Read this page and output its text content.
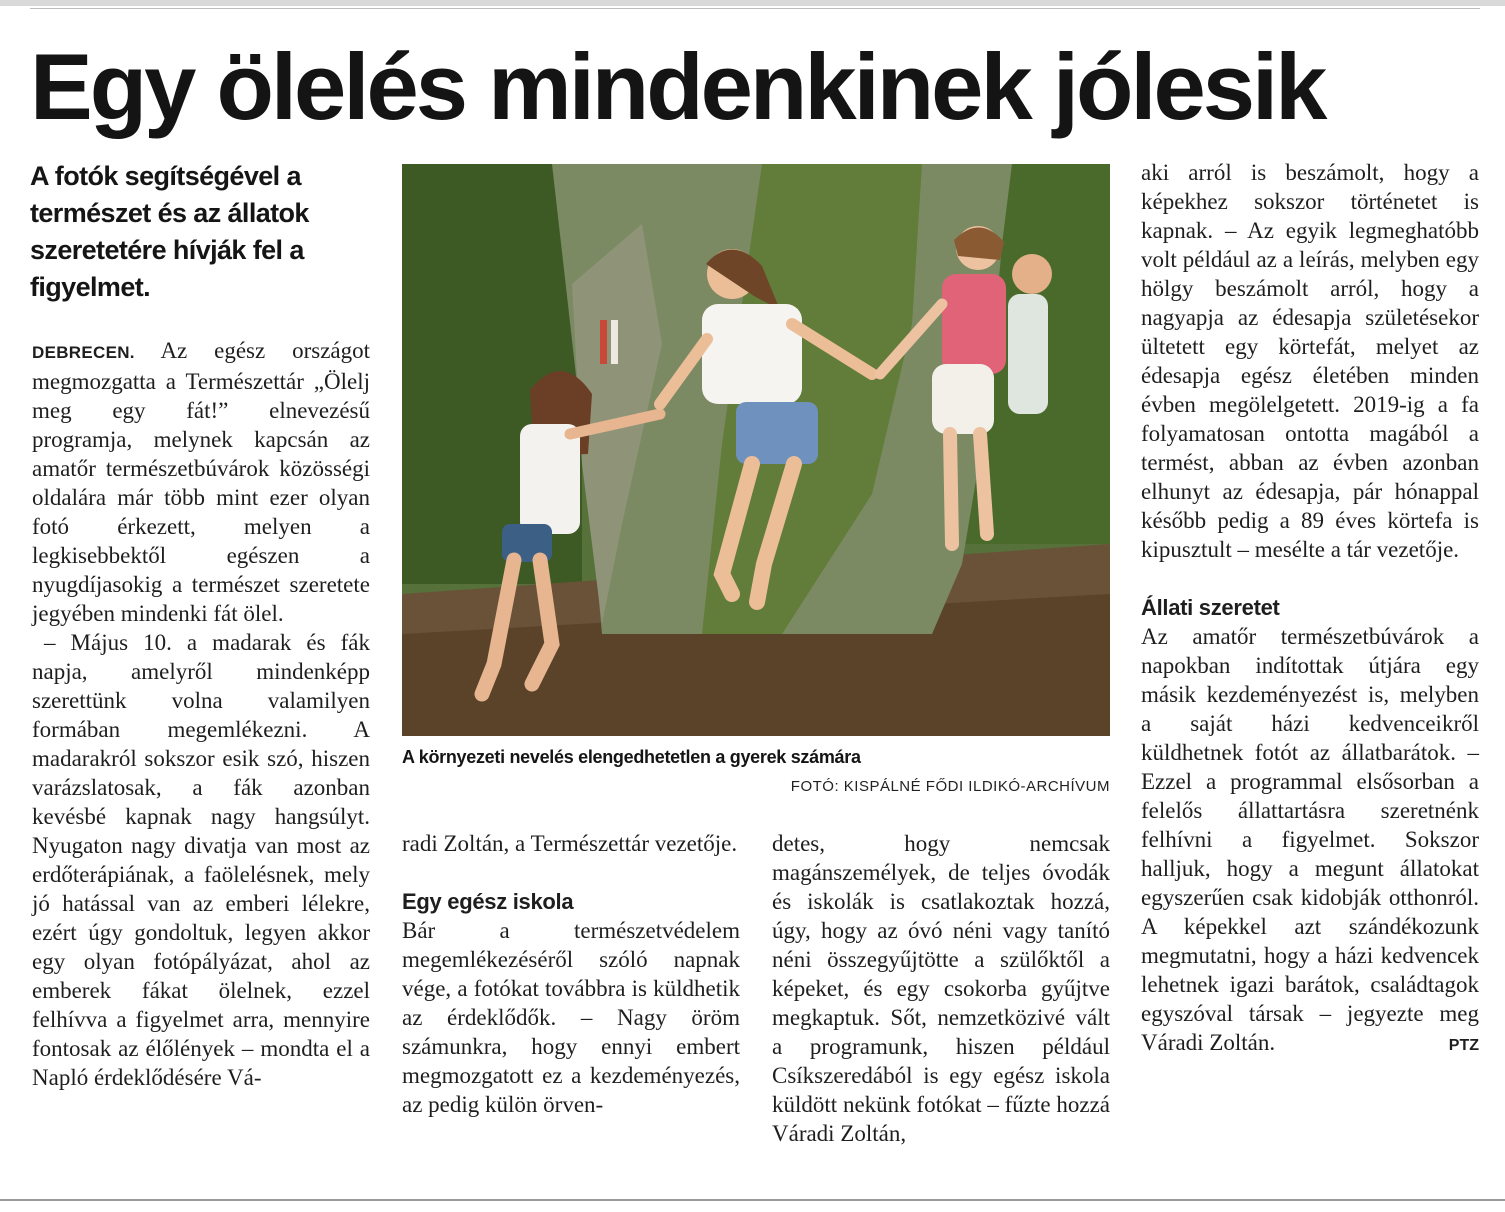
Egy ölelés mindenkinek jólesik
A fotók segítségével a természet és az állatok szeretetére hívják fel a figyelmet.

DEBRECEN. Az egész országot megmozgatta a Természettár „Ölelj meg egy fát!” elnevezésű programja, melynek kapcsán az amatőr természetbúvárok közösségi oldalára már több mint ezer olyan fotó érkezett, melyen a legkisebbektől egészen a nyugdíjasokig a természet szeretete jegyében mindenki fát ölel.

– Május 10. a madarak és fák napja, amelyről mindenképp szerettünk volna valamilyen formában megemlékezni. A madarakról sokszor esik szó, hiszen varázslatosak, a fák azonban kevésbé kapnak nagy hangsúlyt. Nyugaton nagy divatja van most az erdőterápiának, a faölelésnek, mely jó hatással van az emberi lélekre, ezért úgy gondoltuk, legyen akkor egy olyan fotópályázat, ahol az emberek fákat ölelnek, ezzel felhívva a figyelmet arra, mennyire fontosak az élőlények – mondta el a Napló érdeklődésére Vá-

A környezeti nevelés elengedhetetlen a gyerek számára
FOTÓ: KISPÁLNÉ FŐDI ILDIKÓ-ARCHÍVUM

radi Zoltán, a Természettár vezetője.

Egy egész iskola

Bár a természetvédelem megemlékezéséről szóló napnak vége, a fotókat továbbra is küldhetik az érdeklődők. – Nagy öröm számunkra, hogy ennyi embert megmozgatott ez a kezdeményezés, az pedig külön örven-

detes, hogy nemcsak magánszemélyek, de teljes óvodák és iskolák is csatlakoztak hozzá, úgy, hogy az óvó néni vagy tanító néni összegyűjtötte a szülőktől a képeket, és egy csokorba gyűjtve megkaptuk. Sőt, nemzetközivé vált a programunk, hiszen például Csíkszeredából is egy egész iskola küldött nekünk fotókat – fűzte hozzá Váradi Zoltán,

aki arról is beszámolt, hogy a képekhez sokszor történetet is kapnak. – Az egyik legmeghatóbb volt például az a leírás, melyben egy hölgy beszámolt arról, hogy a nagyapja az édesapja születésekor ültetett egy körtefát, melyet az édesapja egész életében minden évben megölelgetett. 2019-ig a fa folyamatosan ontotta magából a termést, abban az évben azonban elhunyt az édesapja, pár hónappal később pedig a 89 éves körtefa is kipusztult – mesélte a tár vezetője.

Állati szeretet

Az amatőr természetbúvárok a napokban indítottak útjára egy másik kezdeményezést is, melyben a saját házi kedvenceikről küldhetnek fotót az állatbarátok. – Ezzel a programmal elsősorban a felelős állattartásra szeretnénk felhívni a figyelmet. Sokszor halljuk, hogy a megunt állatokat egyszerűen csak kidobják otthonról. A képekkel azt szándékozunk megmutatni, hogy a házi kedvencek lehetnek igazi barátok, családtagok egyszóval társak – jegyezte meg Váradi Zoltán.	PTZ
